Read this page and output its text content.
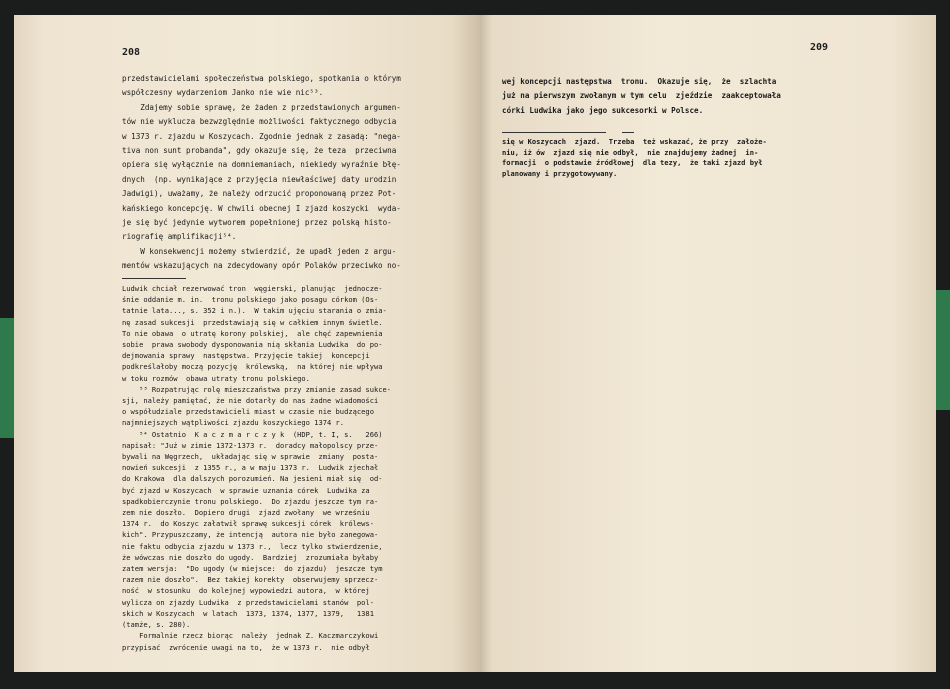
208
przedstawicielami społeczeństwa polskiego, spotkania o którym
współczesny wydarzeniom Janko nie wie nic⁵³.
Zdajemy sobie sprawę, że żaden z przedstawionych argumen-
tów nie wyklucza bezwzględnie możliwości faktycznego odbycia
w 1373 r. zjazdu w Koszycach. Zgodnie jednak z zasadą: "nega-
tiva non sunt probanda", gdy okazuje się, że teza  przeciwna
opiera się wyłącznie na domniemaniach, niekiedy wyraźnie błę-
dnych  (np. wynikające z przyjęcia niewłaściwej daty urodzin
Jadwigi), uważamy, że należy odrzucić proponowaną przez Pot-
kańskiego koncepcję. W chwili obecnej I zjazd koszycki  wyda-
je się być jedynie wytworem popełnionej przez polską histo-
riografię amplifikacji⁵⁴.
W konsekwencji możemy stwierdzić, że upadł jeden z argu-
mentów wskazujących na zdecydowany opór Polaków przeciwko no-
Ludwik chciał rezerwować tron  węgierski, planując  jednocze-
śnie oddanie m. in.  tronu polskiego jako posagu córkom (Os-
tatnie lata..., s. 352 i n.).  W takim ujęciu starania o zmia-
nę zasad sukcesji  przedstawiają się w całkiem innym świetle.
To nie obawa  o utratę korony polskiej,  ale chęć zapewnienia
sobie  prawa swobody dysponowania nią skłania Ludwika  do po-
dejmowania sprawy  następstwa. Przyjęcie takiej  koncepcji
podkreślałoby moczą pozycję  królewską,  na której nie wpływa
w toku rozmów  obawa utraty tronu polskiego.
⁵³ Rozpatrując rolę mieszczaństwa przy zmianie zasad sukce-
sji, należy pamiętać, że nie dotarły do nas żadne wiadomości
o współudziale przedstawicieli miast w czasie nie budzącego
najmniejszych wątpliwości zjazdu koszyckiego 1374 r.
⁵⁴ Ostatnio  K a c z m a r c z y k  (HDP, t. I, s.   266)
napisał: "Już w zimie 1372-1373 r.  doradcy małopolscy prze-
bywali na Węgrzech,  układając się w sprawie  zmiany  posta-
nowień sukcesji  z 1355 r., a w maju 1373 r.  Ludwik zjechał
do Krakowa  dla dalszych porozumień. Na jesieni miał się  od-
być zjazd w Koszycach  w sprawie uznania córek  Ludwika za
spadkobierczynie tronu polskiego.  Do zjazdu jeszcze tym ra-
zem nie doszło.  Dopiero drugi  zjazd zwołany  we wrześniu
1374 r.  do Koszyc załatwił sprawę sukcesji córek  królews-
kich". Przypuszczamy, że intencją  autora nie było zanegowa-
nie faktu odbycia zjazdu w 1373 r.,  lecz tylko stwierdzenie,
że wówczas nie doszło do ugody.  Bardziej  zrozumiała byłaby
zatem wersja:  "Do ugody (w miejsce:  do zjazdu)  jeszcze tym
razem nie doszło".  Bez takiej korekty  obserwujemy sprzecz-
ność  w stosunku  do kolejnej wypowiedzi autora,  w której
wylicza on zjazdy Ludwika  z przedstawicielami stanów  pol-
skich w Koszycach  w latach  1373, 1374, 1377, 1379,   1381
(tamże, s. 280).
Formalnie rzecz biorąc  należy  jednak Z. Kaczmarczykowi
przypisać  zwrócenie uwagi na to,  że w 1373 r.  nie odbył
209
wej koncepcji następstwa  tronu.  Okazuje się,  że  szlachta
już na pierwszym zwołanym w tym celu  zjeździe  zaakceptowała
córki Ludwika jako jego sukcesorki w Polsce.
się w Koszycach  zjazd.  Trzeba  też wskazać, że przy  założe-
niu, iż ów  zjazd się nie odbył,  nie znajdujemy żadnej  in-
formacji  o podstawie źródłowej  dla tezy,  że taki zjazd był
planowany i przygotowywany.
